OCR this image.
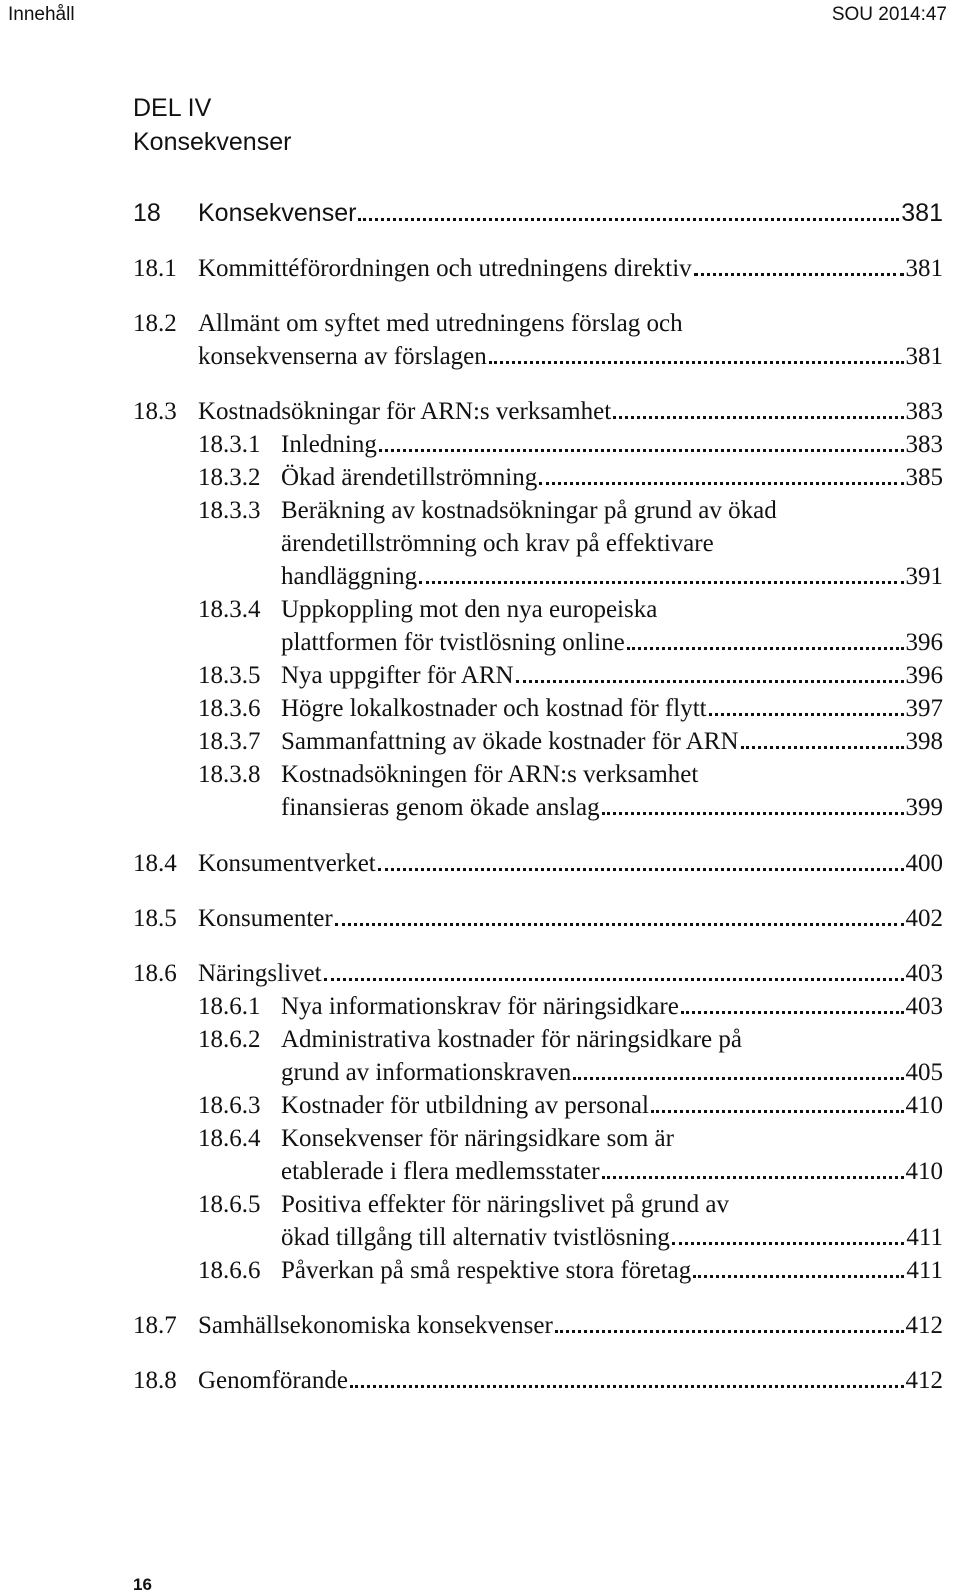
Innehåll	SOU 2014:47
DEL IV
Konsekvenser
18 Konsekvenser	381
18.1 Kommittéförordningen och utredningens direktiv	381
18.2 Allmänt om syftet med utredningens förslag och
konsekvenserna av förslagen	381
18.3 Kostnadsökningar för ARN:s verksamhet	383
18.3.1 Inledning	383
18.3.2 Ökad ärendetillströmning	385
18.3.3 Beräkning av kostnadsökningar på grund av ökad
ärendetillströmning och krav på effektivare
handläggning	391
18.3.4 Uppkoppling mot den nya europeiska
plattformen för tvistlösning online	396
18.3.5 Nya uppgifter för ARN	396
18.3.6 Högre lokalkostnader och kostnad för flytt	397
18.3.7 Sammanfattning av ökade kostnader för ARN	398
18.3.8 Kostnadsökningen för ARN:s verksamhet
finansieras genom ökade anslag	399
18.4 Konsumentverket	400
18.5 Konsumenter	402
18.6 Näringslivet	403
18.6.1 Nya informationskrav för näringsidkare	403
18.6.2 Administrativa kostnader för näringsidkare på
grund av informationskraven	405
18.6.3 Kostnader för utbildning av personal	410
18.6.4 Konsekvenser för näringsidkare som är
etablerade i flera medlemsstater	410
18.6.5 Positiva effekter för näringslivet på grund av
ökad tillgång till alternativ tvistlösning	411
18.6.6 Påverkan på små respektive stora företag	411
18.7 Samhällsekonomiska konsekvenser	412
18.8 Genomförande	412
16
